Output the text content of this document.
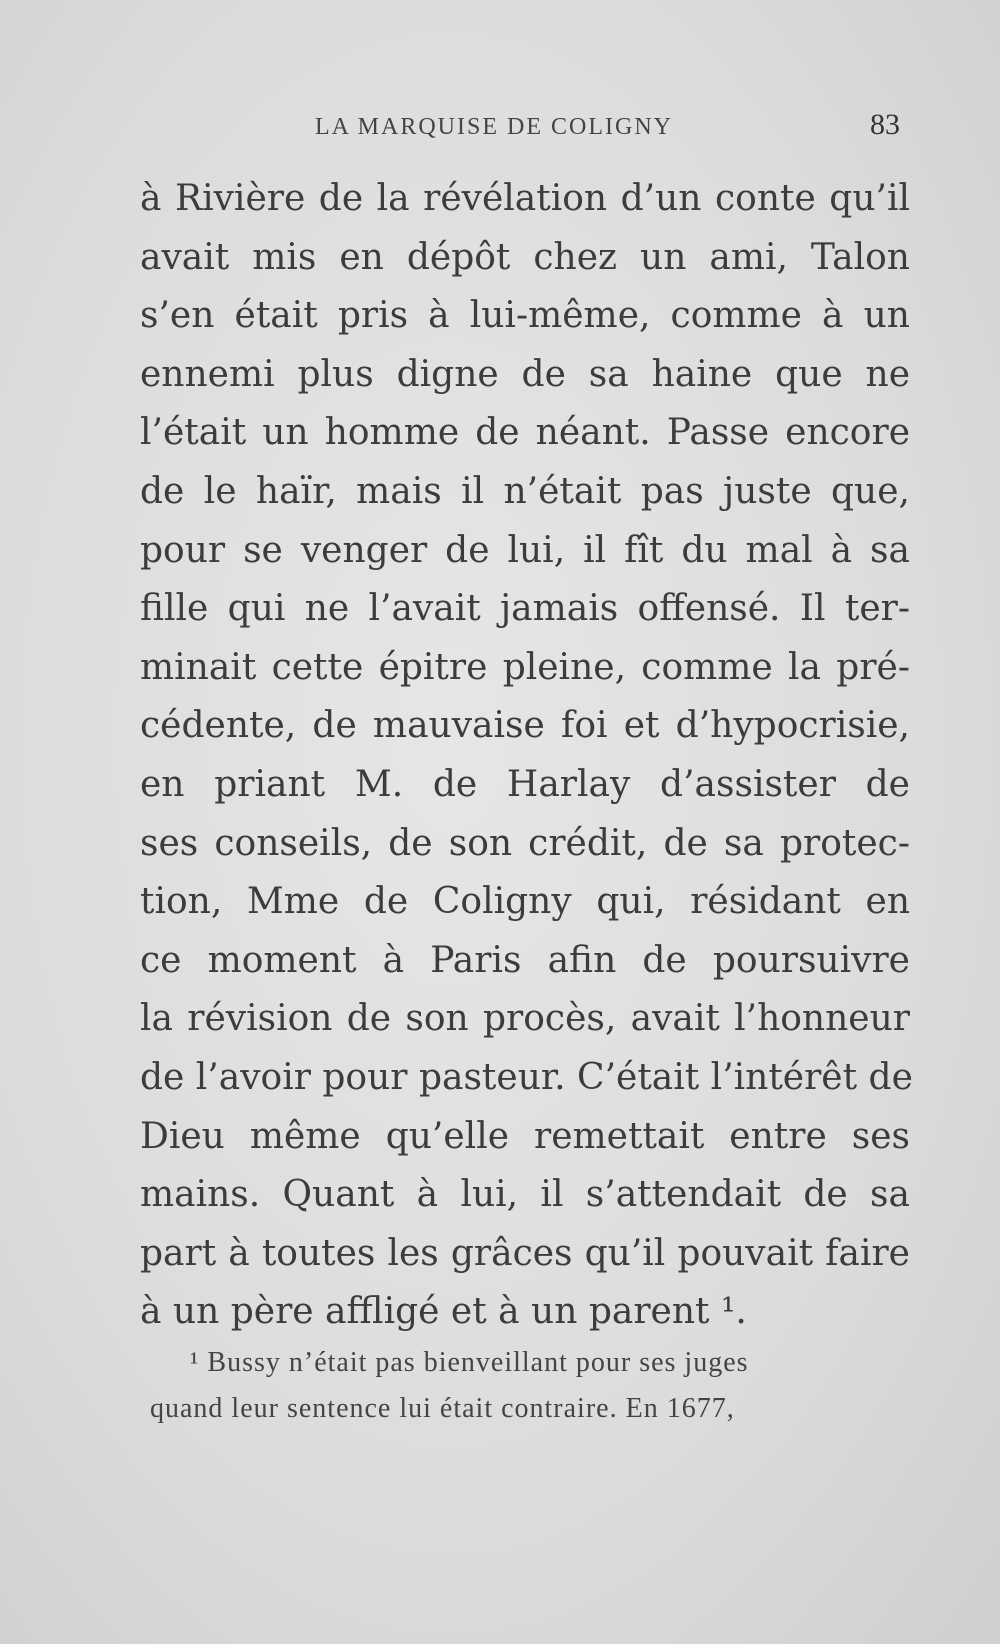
LA MARQUISE DE COLIGNY	83
à Rivière de la révélation d’un conte qu’il
avait mis en dépôt chez un ami, Talon
s’en était pris à lui-même, comme à un
ennemi plus digne de sa haine que ne
l’était un homme de néant. Passe encore
de le haïr, mais il n’était pas juste que,
pour se venger de lui, il fît du mal à sa
fille qui ne l’avait jamais offensé. Il ter-
minait cette épitre pleine, comme la pré-
cédente, de mauvaise foi et d’hypocrisie,
en priant M. de Harlay d’assister de
ses conseils, de son crédit, de sa protec-
tion, Mme de Coligny qui, résidant en
ce moment à Paris afin de poursuivre
la révision de son procès, avait l’honneur
de l’avoir pour pasteur. C’était l’intérêt de
Dieu même qu’elle remettait entre ses
mains. Quant à lui, il s’attendait de sa
part à toutes les grâces qu’il pouvait faire
à un père affligé et à un parent ¹.
¹ Bussy n’était pas bienveillant pour ses juges
quand leur sentence lui était contraire. En 1677,
